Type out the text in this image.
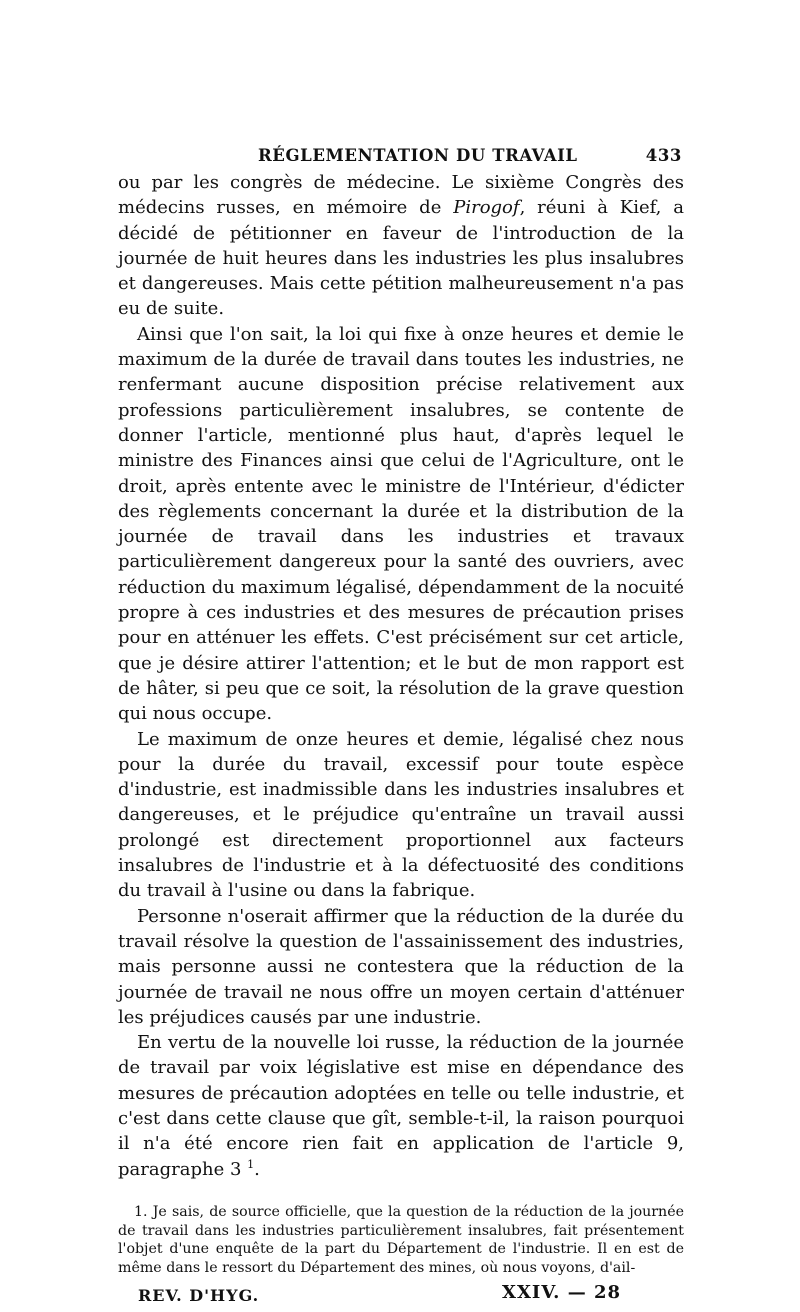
RÉGLEMENTATION DU TRAVAIL	433

ou par les congrès de médecine. Le sixième Congrès des médecins russes, en mémoire de Pirogof, réuni à Kief, a décidé de pétitionner en faveur de l'introduction de la journée de huit heures dans les industries les plus insalubres et dangereuses. Mais cette pétition malheureusement n'a pas eu de suite.

Ainsi que l'on sait, la loi qui fixe à onze heures et demie le maximum de la durée de travail dans toutes les industries, ne renfermant aucune disposition précise relativement aux professions particulièrement insalubres, se contente de donner l'article, mentionné plus haut, d'après lequel le ministre des Finances ainsi que celui de l'Agriculture, ont le droit, après entente avec le ministre de l'Intérieur, d'édicter des règlements concernant la durée et la distribution de la journée de travail dans les industries et travaux particulièrement dangereux pour la santé des ouvriers, avec réduction du maximum légalisé, dépendamment de la nocuité propre à ces industries et des mesures de précaution prises pour en atténuer les effets. C'est précisément sur cet article, que je désire attirer l'attention; et le but de mon rapport est de hâter, si peu que ce soit, la résolution de la grave question qui nous occupe.

Le maximum de onze heures et demie, légalisé chez nous pour la durée du travail, excessif pour toute espèce d'industrie, est inadmissible dans les industries insalubres et dangereuses, et le préjudice qu'entraîne un travail aussi prolongé est directement proportionnel aux facteurs insalubres de l'industrie et à la défectuosité des conditions du travail à l'usine ou dans la fabrique.

Personne n'oserait affirmer que la réduction de la durée du travail résolve la question de l'assainissement des industries, mais personne aussi ne contestera que la réduction de la journée de travail ne nous offre un moyen certain d'atténuer les préjudices causés par une industrie.

En vertu de la nouvelle loi russe, la réduction de la journée de travail par voix législative est mise en dépendance des mesures de précaution adoptées en telle ou telle industrie, et c'est dans cette clause que gît, semble-t-il, la raison pourquoi il n'a été encore rien fait en application de l'article 9, paragraphe 3 $^1$.

1. Je sais, de source officielle, que la question de la réduction de la journée de travail dans les industries particulièrement insalubres, fait présentement l'objet d'une enquête de la part du Département de l'industrie. Il en est de même dans le ressort du Département des mines, où nous voyons, d'ail-
REV. D'HYG.	XXIV. — 28
